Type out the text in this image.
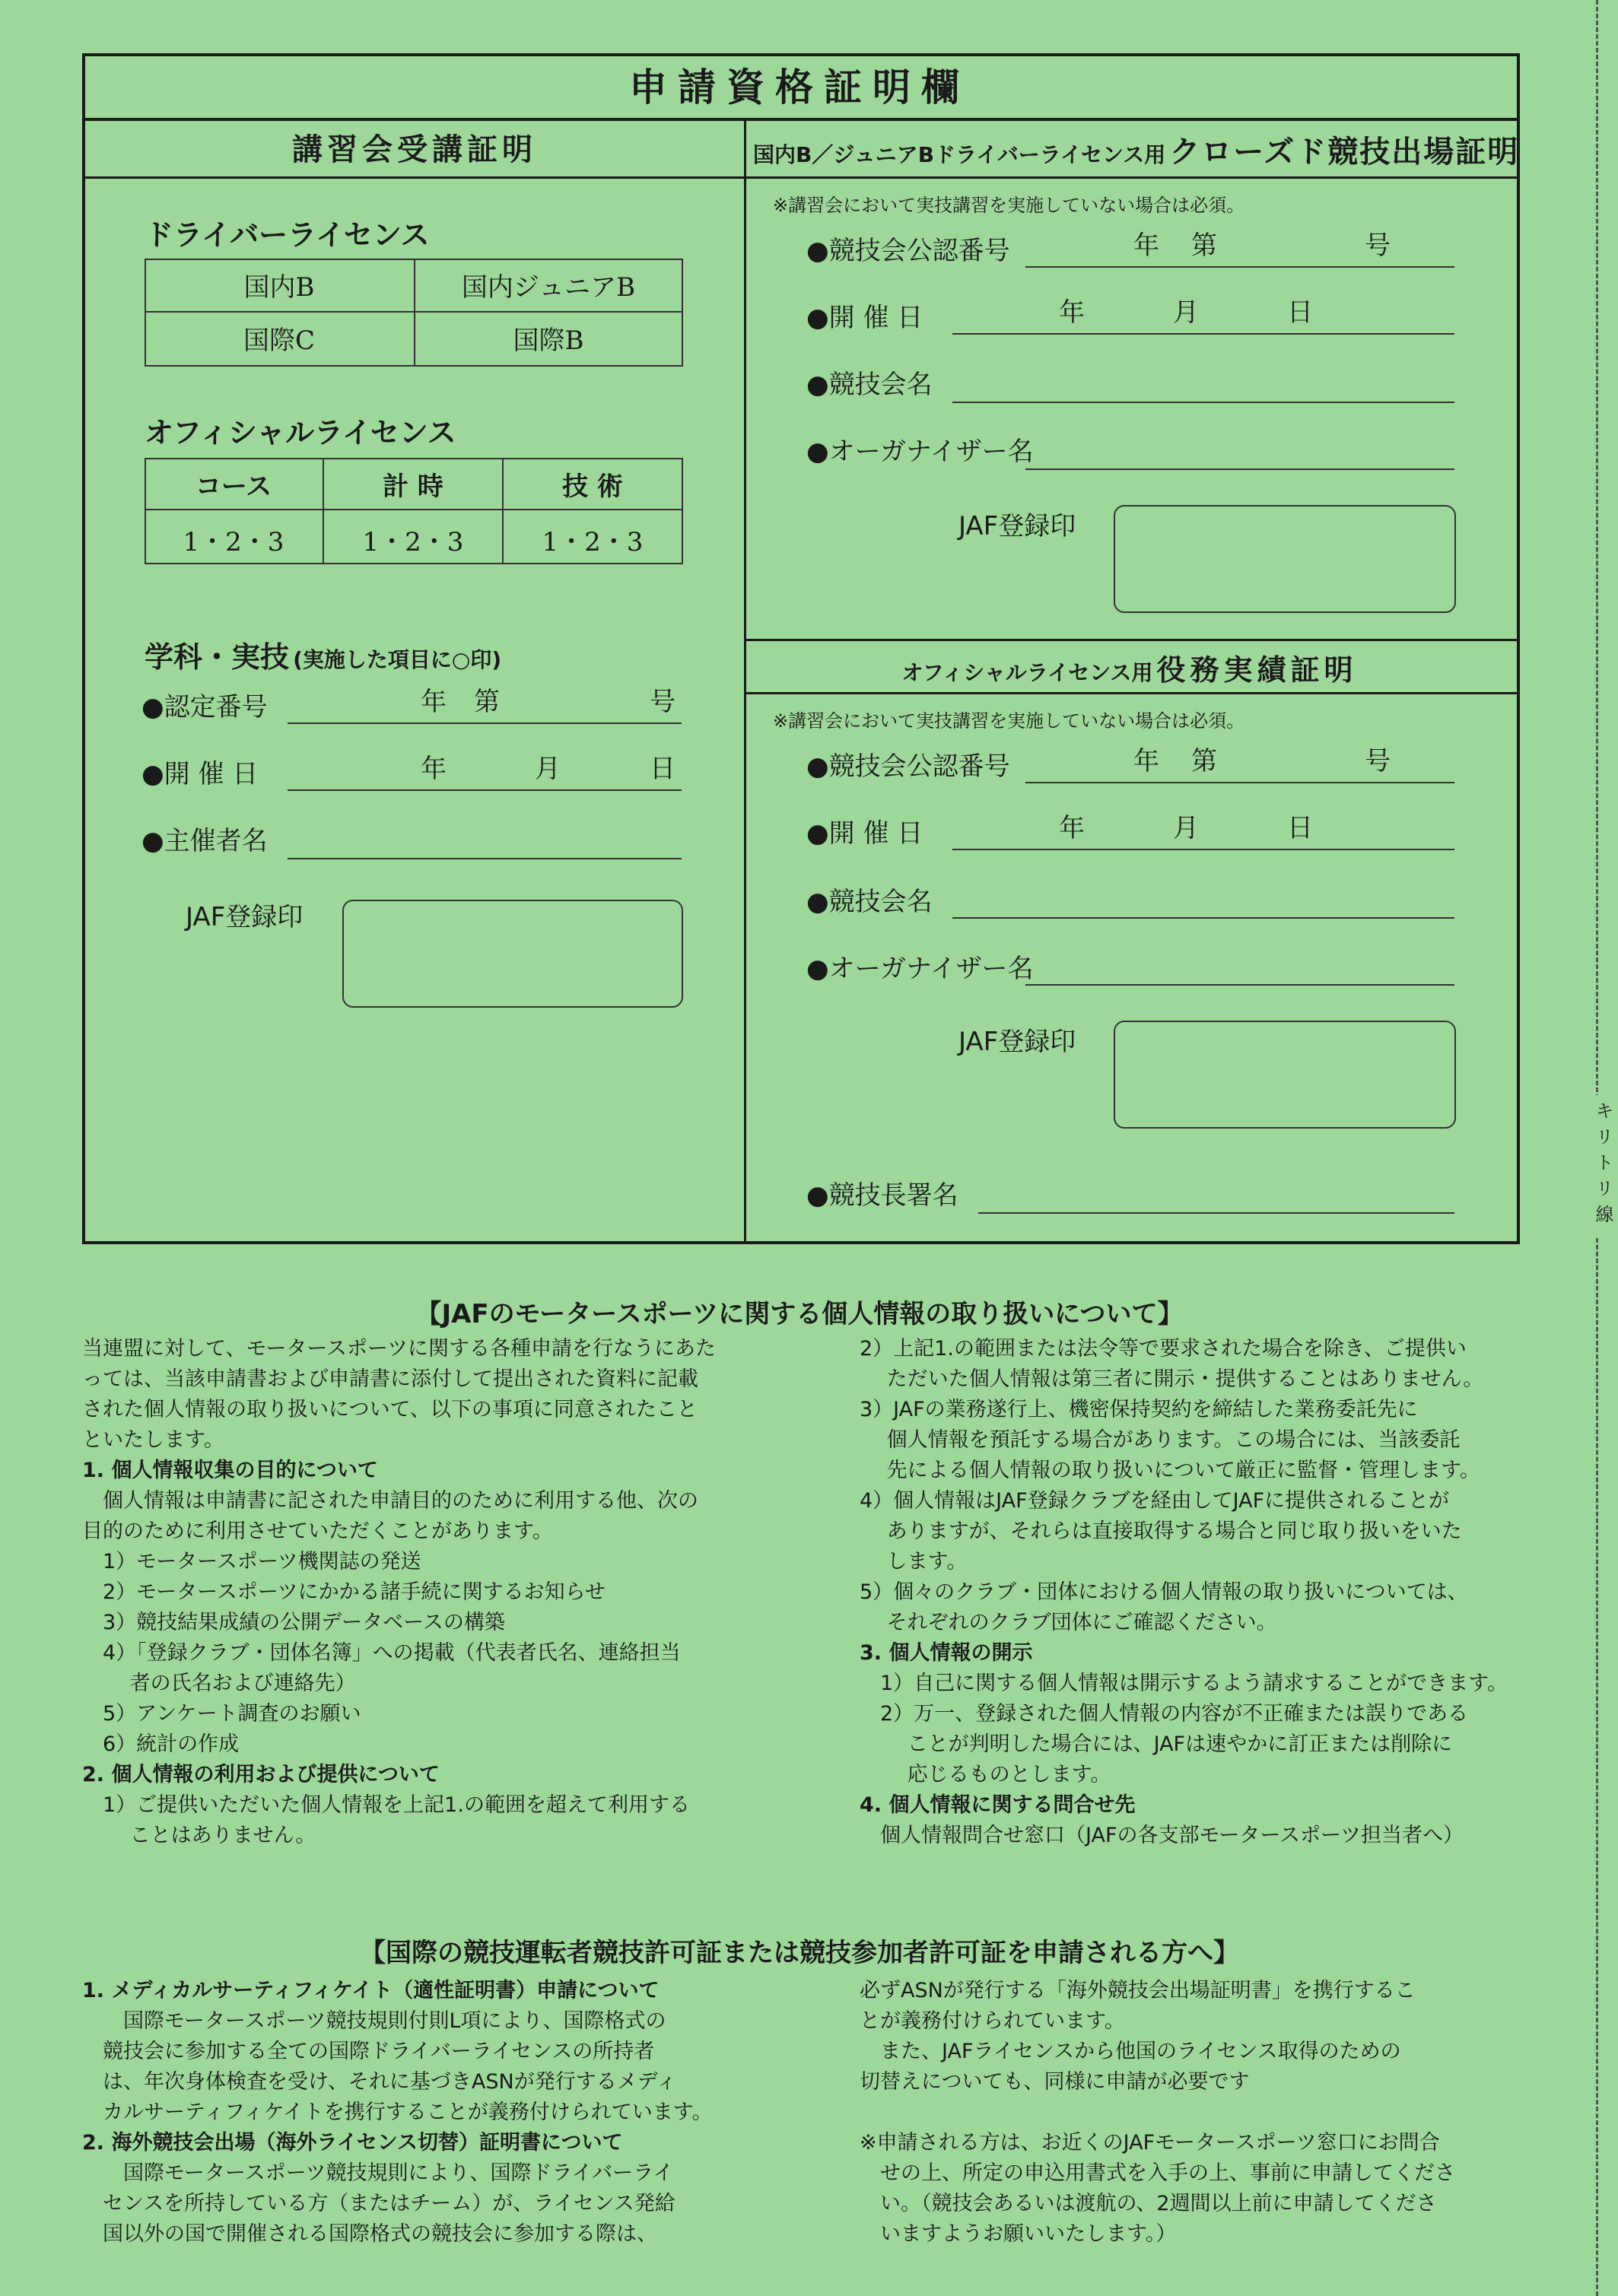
申請資格証明欄
講習会受講証明	国内B／ジュニアBドライバーライセンス用 クローズド競技出場証明
ドライバーライセンス
国内B	国内ジュニアB
国際C	国際B
オフィシャルライセンス
コース	計 時	技 術
1・2・3	1・2・3	1・2・3
学科・実技 (実施した項目に○印)
●認定番号	年 第	号
●開 催 日	年	月	日
●主催者名
JAF登録印
※講習会において実技講習を実施していない場合は必須。
●競技会公認番号	年 第	号
●開 催 日	年	月	日
●競技会名
●オーガナイザー名
JAF登録印
オフィシャルライセンス用 役務実績証明
※講習会において実技講習を実施していない場合は必須。
●競技会公認番号	年 第	号
●開 催 日	年	月	日
●競技会名
●オーガナイザー名
JAF登録印
●競技長署名	キリトリ線
【JAFのモータースポーツに関する個人情報の取り扱いについて】
当連盟に対して、モータースポーツに関する各種申請を行なうにあた
っては、当該申請書および申請書に添付して提出された資料に記載
された個人情報の取り扱いについて、以下の事項に同意されたこと
といたします。
1. 個人情報収集の目的について
　個人情報は申請書に記された申請目的のために利用する他、次の
目的のために利用させていただくことがあります。
　1）モータースポーツ機関誌の発送
　2）モータースポーツにかかる諸手続に関するお知らせ
　3）競技結果成績の公開データベースの構築
　4）「登録クラブ・団体名簿」への掲載（代表者氏名、連絡担当
　　 者の氏名および連絡先）
　5）アンケート調査のお願い
　6）統計の作成
2. 個人情報の利用および提供について
　1）ご提供いただいた個人情報を上記1.の範囲を超えて利用する
　　 ことはありません。
2）上記1.の範囲または法令等で要求された場合を除き、ご提供い
　 ただいた個人情報は第三者に開示・提供することはありません。
3）JAFの業務遂行上、機密保持契約を締結した業務委託先に
　 個人情報を預託する場合があります。この場合には、当該委託
　 先による個人情報の取り扱いについて厳正に監督・管理します。
4）個人情報はJAF登録クラブを経由してJAFに提供されることが
　 ありますが、それらは直接取得する場合と同じ取り扱いをいた
　 します。
5）個々のクラブ・団体における個人情報の取り扱いについては、
　 それぞれのクラブ団体にご確認ください。
3. 個人情報の開示
　1）自己に関する個人情報は開示するよう請求することができます。
　2）万一、登録された個人情報の内容が不正確または誤りである
　　 ことが判明した場合には、JAFは速やかに訂正または削除に
　　 応じるものとします。
4. 個人情報に関する問合せ先
　個人情報問合せ窓口（JAFの各支部モータースポーツ担当者へ）
【国際の競技運転者競技許可証または競技参加者許可証を申請される方へ】
1. メディカルサーティフィケイト（適性証明書）申請について
　　国際モータースポーツ競技規則付則L項により、国際格式の
　競技会に参加する全ての国際ドライバーライセンスの所持者
　は、年次身体検査を受け、それに基づきASNが発行するメディ
　カルサーティフィケイトを携行することが義務付けられています。
2. 海外競技会出場（海外ライセンス切替）証明書について
　　国際モータースポーツ競技規則により、国際ドライバーライ
　センスを所持している方（またはチーム）が、ライセンス発給
　国以外の国で開催される国際格式の競技会に参加する際は、
必ずASNが発行する「海外競技会出場証明書」を携行するこ
とが義務付けられています。
　また、JAFライセンスから他国のライセンス取得のための
切替えについても、同様に申請が必要です

※申請される方は、お近くのJAFモータースポーツ窓口にお問合
　せの上、所定の申込用書式を入手の上、事前に申請してくださ
　い。（競技会あるいは渡航の、2週間以上前に申請してくださ
　いますようお願いいたします。）
